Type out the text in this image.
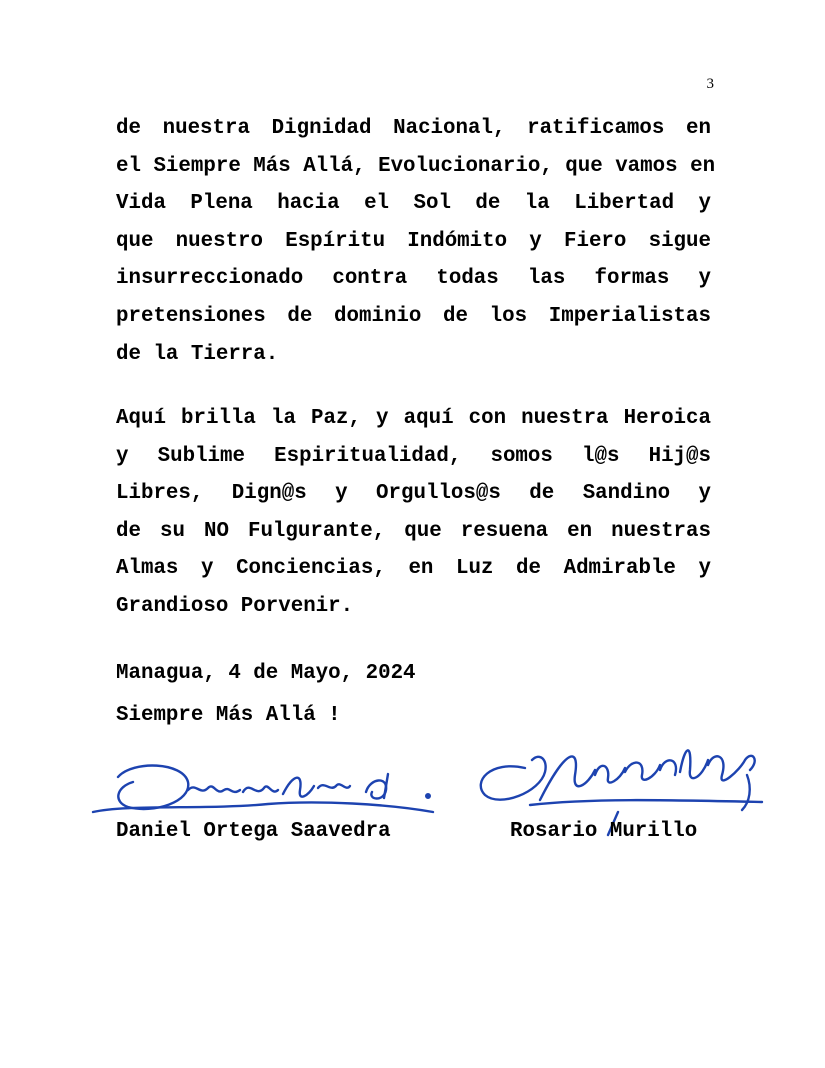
3
de nuestra Dignidad Nacional, ratificamos en
el Siempre Más Allá, Evolucionario, que vamos en
Vida Plena hacia el Sol de la Libertad y
que nuestro Espíritu Indómito y Fiero sigue
insurreccionado contra todas las formas y
pretensiones de dominio de los Imperialistas
de la Tierra.
Aquí brilla la Paz, y aquí con nuestra Heroica
y Sublime Espiritualidad, somos l@s Hij@s
Libres, Dign@s y Orgullos@s de Sandino y
de su NO Fulgurante, que resuena en nuestras
Almas y Conciencias, en Luz de Admirable y
Grandioso Porvenir.
Managua, 4 de Mayo, 2024
Siempre Más Allá !
Daniel Ortega Saavedra	Rosario Murillo
